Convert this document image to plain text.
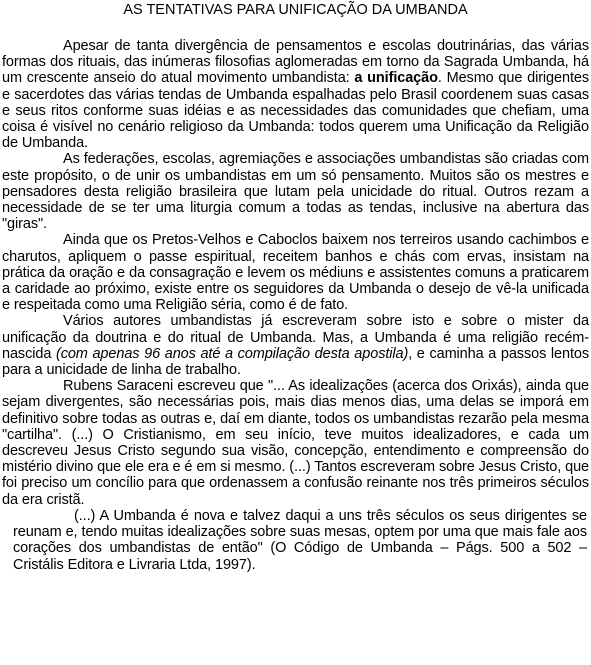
AS TENTATIVAS PARA UNIFICAÇÃO DA UMBANDA

Apesar de tanta divergência de pensamentos e escolas doutrinárias, das várias formas dos rituais, das inúmeras filosofias aglomeradas em torno da Sagrada Umbanda, há um crescente anseio do atual movimento umbandista: a unificação. Mesmo que dirigentes e sacerdotes das várias tendas de Umbanda espalhadas pelo Brasil coordenem suas casas e seus ritos conforme suas idéias e as necessidades das comunidades que chefiam, uma coisa é visível no cenário religioso da Umbanda: todos querem uma Unificação da Religião de Umbanda.

As federações, escolas, agremiações e associações umbandistas são criadas com este propósito, o de unir os umbandistas em um só pensamento. Muitos são os mestres e pensadores desta religião brasileira que lutam pela unicidade do ritual. Outros rezam a necessidade de se ter uma liturgia comum a todas as tendas, inclusive na abertura das "giras".

Ainda que os Pretos-Velhos e Caboclos baixem nos terreiros usando cachimbos e charutos, apliquem o passe espiritual, receitem banhos e chás com ervas, insistam na prática da oração e da consagração e levem os médiuns e assistentes comuns a praticarem a caridade ao próximo, existe entre os seguidores da Umbanda o desejo de vê-la unificada e respeitada como uma Religião séria, como é de fato.

Vários autores umbandistas já escreveram sobre isto e sobre o mister da unificação da doutrina e do ritual de Umbanda. Mas, a Umbanda é uma religião recém-nascida (com apenas 96 anos até a compilação desta apostila), e caminha a passos lentos para a unicidade de linha de trabalho.

Rubens Saraceni escreveu que "... As idealizações (acerca dos Orixás), ainda que sejam divergentes, são necessárias pois, mais dias menos dias, uma delas se imporá em definitivo sobre todas as outras e, daí em diante, todos os umbandistas rezarão pela mesma "cartilha". (...) O Cristianismo, em seu início, teve muitos idealizadores, e cada um descreveu Jesus Cristo segundo sua visão, concepção, entendimento e compreensão do mistério divino que ele era e é em si mesmo. (...) Tantos escreveram sobre Jesus Cristo, que foi preciso um concílio para que ordenassem a confusão reinante nos três primeiros séculos da era cristã.

(...) A Umbanda é nova e talvez daqui a uns três séculos os seus dirigentes se reunam e, tendo muitas idealizações sobre suas mesas, optem por uma que mais fale aos corações dos umbandistas de então" (O Código de Umbanda – Págs. 500 a 502 – Cristális Editora e Livraria Ltda, 1997).
